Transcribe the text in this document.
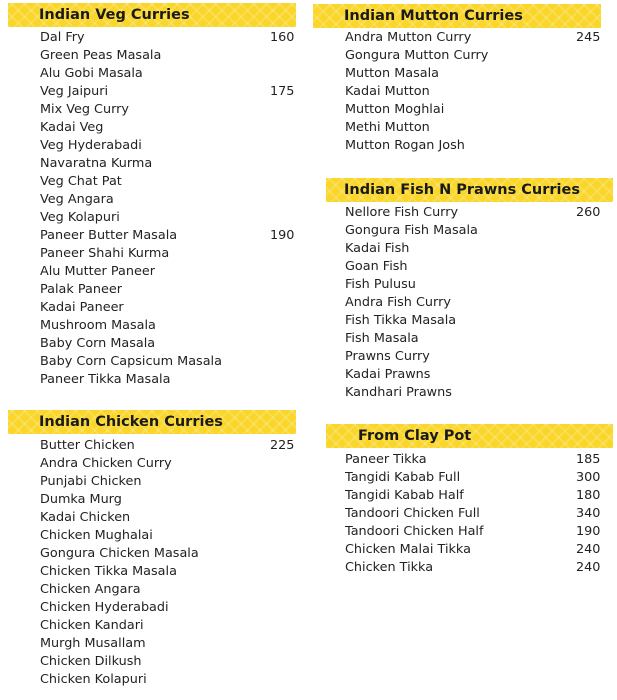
Indian Veg Curries
Dal Fry	160
Green Peas Masala
Alu Gobi Masala
Veg Jaipuri	175
Mix Veg Curry
Kadai Veg
Veg Hyderabadi
Navaratna Kurma
Veg Chat Pat
Veg Angara
Veg Kolapuri
Paneer Butter Masala	190
Paneer Shahi Kurma
Alu Mutter Paneer
Palak Paneer
Kadai Paneer
Mushroom Masala
Baby Corn Masala
Baby Corn Capsicum Masala
Paneer Tikka Masala
Indian Chicken Curries
Butter Chicken	225
Andra Chicken Curry
Punjabi Chicken
Dumka Murg
Kadai Chicken
Chicken Mughalai
Gongura Chicken Masala
Chicken Tikka Masala
Chicken Angara
Chicken Hyderabadi
Chicken Kandari
Murgh Musallam
Chicken Dilkush
Chicken Kolapuri
Indian Mutton Curries
Andra Mutton Curry	245
Gongura Mutton Curry
Mutton Masala
Kadai Mutton
Mutton Moghlai
Methi Mutton
Mutton Rogan Josh
Indian Fish N Prawns Curries
Nellore Fish Curry	260
Gongura Fish Masala
Kadai Fish
Goan Fish
Fish Pulusu
Andra Fish Curry
Fish Tikka Masala
Fish Masala
Prawns Curry
Kadai Prawns
Kandhari Prawns
From Clay Pot
Paneer Tikka	185
Tangidi Kabab Full	300
Tangidi Kabab Half	180
Tandoori Chicken Full	340
Tandoori Chicken Half	190
Chicken Malai Tikka	240
Chicken Tikka	240
